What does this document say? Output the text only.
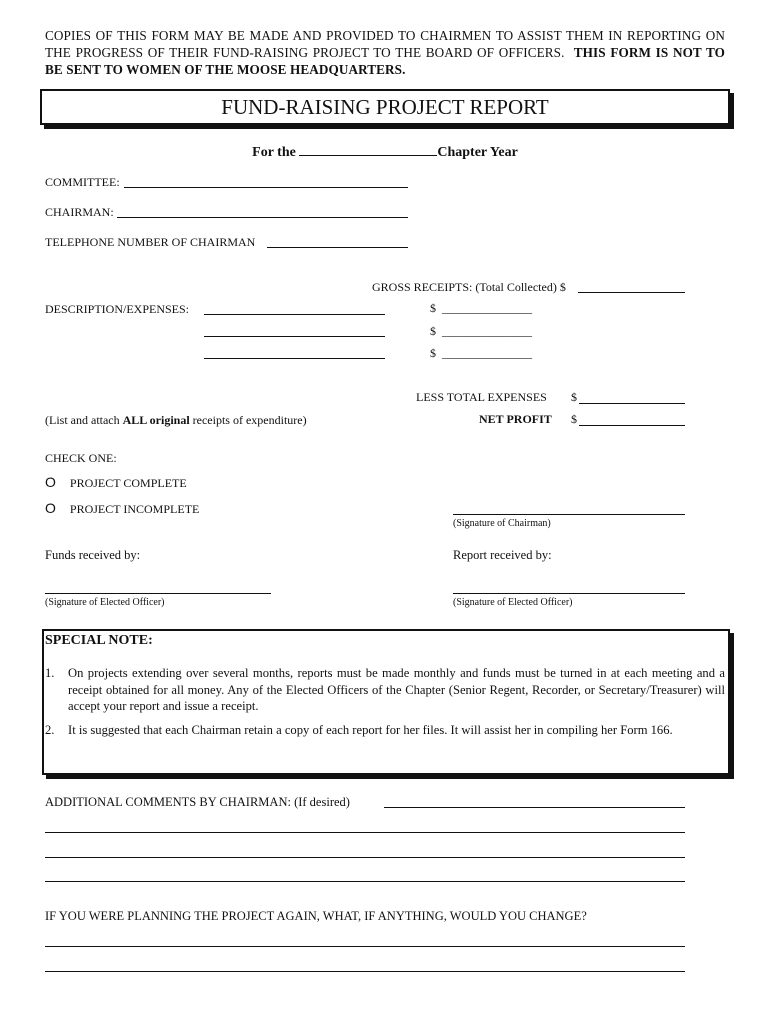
COPIES OF THIS FORM MAY BE MADE AND PROVIDED TO CHAIRMEN TO ASSIST THEM IN REPORTING ON THE PROGRESS OF THEIR FUND-RAISING PROJECT TO THE BOARD OF OFFICERS. THIS FORM IS NOT TO BE SENT TO WOMEN OF THE MOOSE HEADQUARTERS.
FUND-RAISING PROJECT REPORT
For the	Chapter Year
COMMITTEE:
CHAIRMAN:
TELEPHONE NUMBER OF CHAIRMAN
GROSS RECEIPTS: (Total Collected) $
DESCRIPTION/EXPENSES:	$ _______________
$ _______________
$ _______________
LESS TOTAL EXPENSES $
(List and attach ALL original receipts of expenditure)	NET PROFIT $
CHECK ONE:
O PROJECT COMPLETE
O PROJECT INCOMPLETE
(Signature of Chairman)
Funds received by:	Report received by:
(Signature of Elected Officer)	(Signature of Elected Officer)
SPECIAL NOTE:
1. On projects extending over several months, reports must be made monthly and funds must be turned in at each meeting and a receipt obtained for all money. Any of the Elected Officers of the Chapter (Senior Regent, Recorder, or Secretary/Treasurer) will accept your report and issue a receipt.
2. It is suggested that each Chairman retain a copy of each report for her files. It will assist her in compiling her Form 166.
ADDITIONAL COMMENTS BY CHAIRMAN: (If desired)
IF YOU WERE PLANNING THE PROJECT AGAIN, WHAT, IF ANYTHING, WOULD YOU CHANGE?
